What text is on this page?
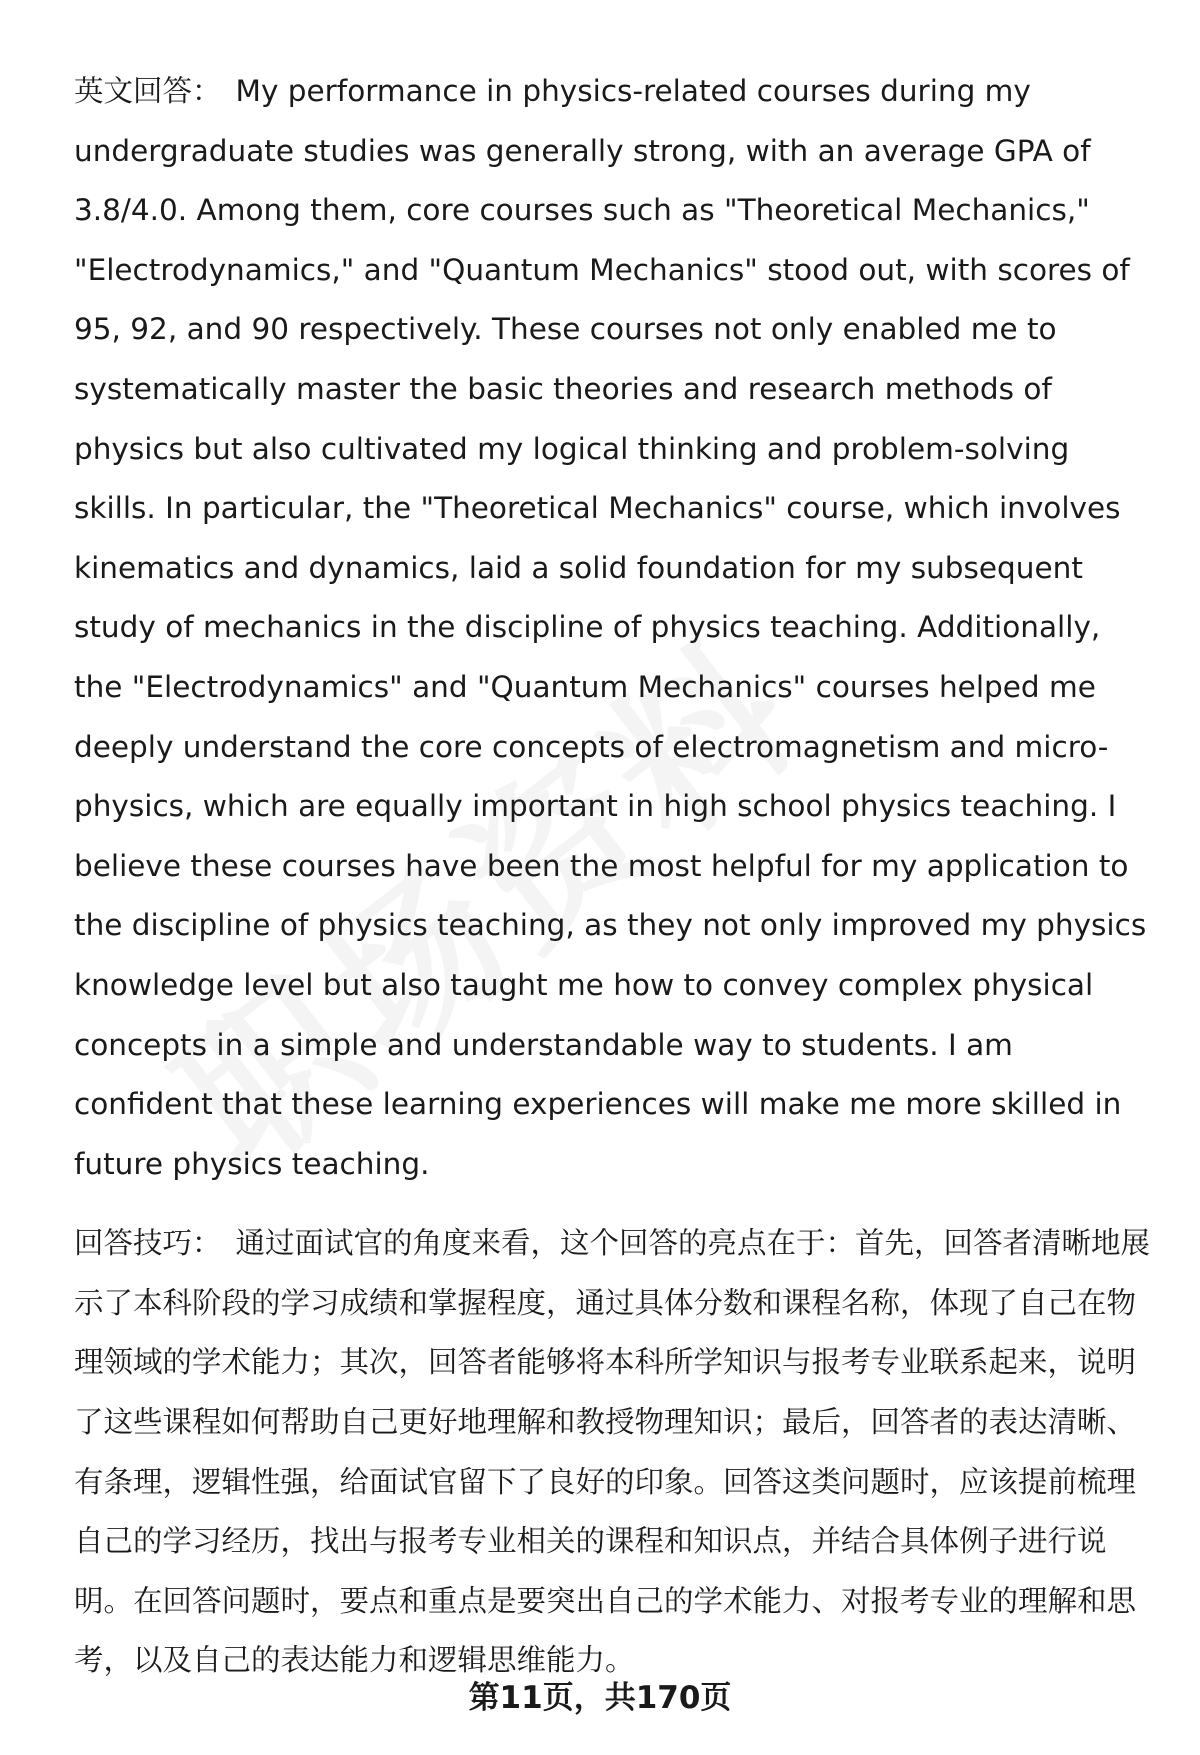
英文回答： My performance in physics-related courses during my undergraduate studies was generally strong, with an average GPA of 3.8/4.0. Among them, core courses such as "Theoretical Mechanics," "Electrodynamics," and "Quantum Mechanics" stood out, with scores of 95, 92, and 90 respectively. These courses not only enabled me to systematically master the basic theories and research methods of physics but also cultivated my logical thinking and problem-solving skills. In particular, the "Theoretical Mechanics" course, which involves kinematics and dynamics, laid a solid foundation for my subsequent study of mechanics in the discipline of physics teaching. Additionally, the "Electrodynamics" and "Quantum Mechanics" courses helped me deeply understand the core concepts of electromagnetism and micro-physics, which are equally important in high school physics teaching. I believe these courses have been the most helpful for my application to the discipline of physics teaching, as they not only improved my physics knowledge level but also taught me how to convey complex physical concepts in a simple and understandable way to students. I am confident that these learning experiences will make me more skilled in future physics teaching.

回答技巧： 通过面试官的角度来看，这个回答的亮点在于：首先，回答者清晰地展示了本科阶段的学习成绩和掌握程度，通过具体分数和课程名称，体现了自己在物理领域的学术能力；其次，回答者能够将本科所学知识与报考专业联系起来，说明了这些课程如何帮助自己更好地理解和教授物理知识；最后，回答者的表达清晰、有条理，逻辑性强，给面试官留下了良好的印象。回答这类问题时，应该提前梳理自己的学习经历，找出与报考专业相关的课程和知识点，并结合具体例子进行说明。在回答问题时，要点和重点是要突出自己的学术能力、对报考专业的理解和思考，以及自己的表达能力和逻辑思维能力。

第11页，共170页
